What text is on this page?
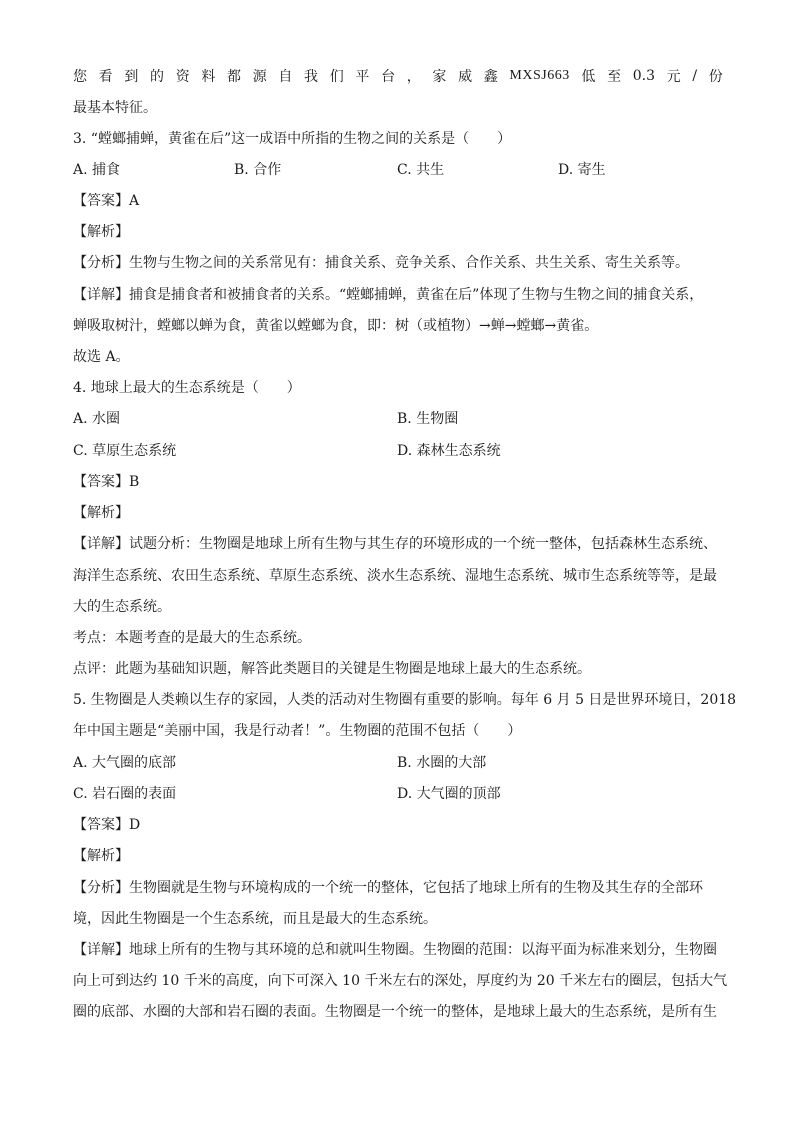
您 看 到 的 资 料 都 源 自 我 们 平 台 ， 家 威 鑫 MXSJ663 低 至 0.3 元 / 份
最基本特征。
3. “螳螂捕蝉，黄雀在后”这一成语中所指的生物之间的关系是（　　）
A. 捕食	B. 合作	C. 共生	D. 寄生
【答案】A
【解析】
【分析】生物与生物之间的关系常见有：捕食关系、竞争关系、合作关系、共生关系、寄生关系等。
【详解】捕食是捕食者和被捕食者的关系。“螳螂捕蝉，黄雀在后”体现了生物与生物之间的捕食关系，
蝉吸取树汁，螳螂以蝉为食，黄雀以螳螂为食，即：树（或植物）→蝉→螳螂→黄雀。
故选 A。
4. 地球上最大的生态系统是（　　）
A. 水圈	B. 生物圈
C. 草原生态系统	D. 森林生态系统
【答案】B
【解析】
【详解】试题分析：生物圈是地球上所有生物与其生存的环境形成的一个统一整体，包括森林生态系统、
海洋生态系统、农田生态系统、草原生态系统、淡水生态系统、湿地生态系统、城市生态系统等等，是最
大的生态系统。
考点：本题考查的是最大的生态系统。
点评：此题为基础知识题，解答此类题目的关键是生物圈是地球上最大的生态系统。
5. 生物圈是人类赖以生存的家园，人类的活动对生物圈有重要的影响。每年 6 月 5 日是世界环境日，2018
年中国主题是“美丽中国，我是行动者！”。生物圈的范围不包括（　　）
A. 大气圈的底部	B. 水圈的大部
C. 岩石圈的表面	D. 大气圈的顶部
【答案】D
【解析】
【分析】生物圈就是生物与环境构成的一个统一的整体，它包括了地球上所有的生物及其生存的全部环
境，因此生物圈是一个生态系统，而且是最大的生态系统。
【详解】地球上所有的生物与其环境的总和就叫生物圈。生物圈的范围：以海平面为标准来划分，生物圈
向上可到达约 10 千米的高度，向下可深入 10 千米左右的深处，厚度约为 20 千米左右的圈层，包括大气
圈的底部、水圈的大部和岩石圈的表面。生物圈是一个统一的整体，是地球上最大的生态系统，是所有生
